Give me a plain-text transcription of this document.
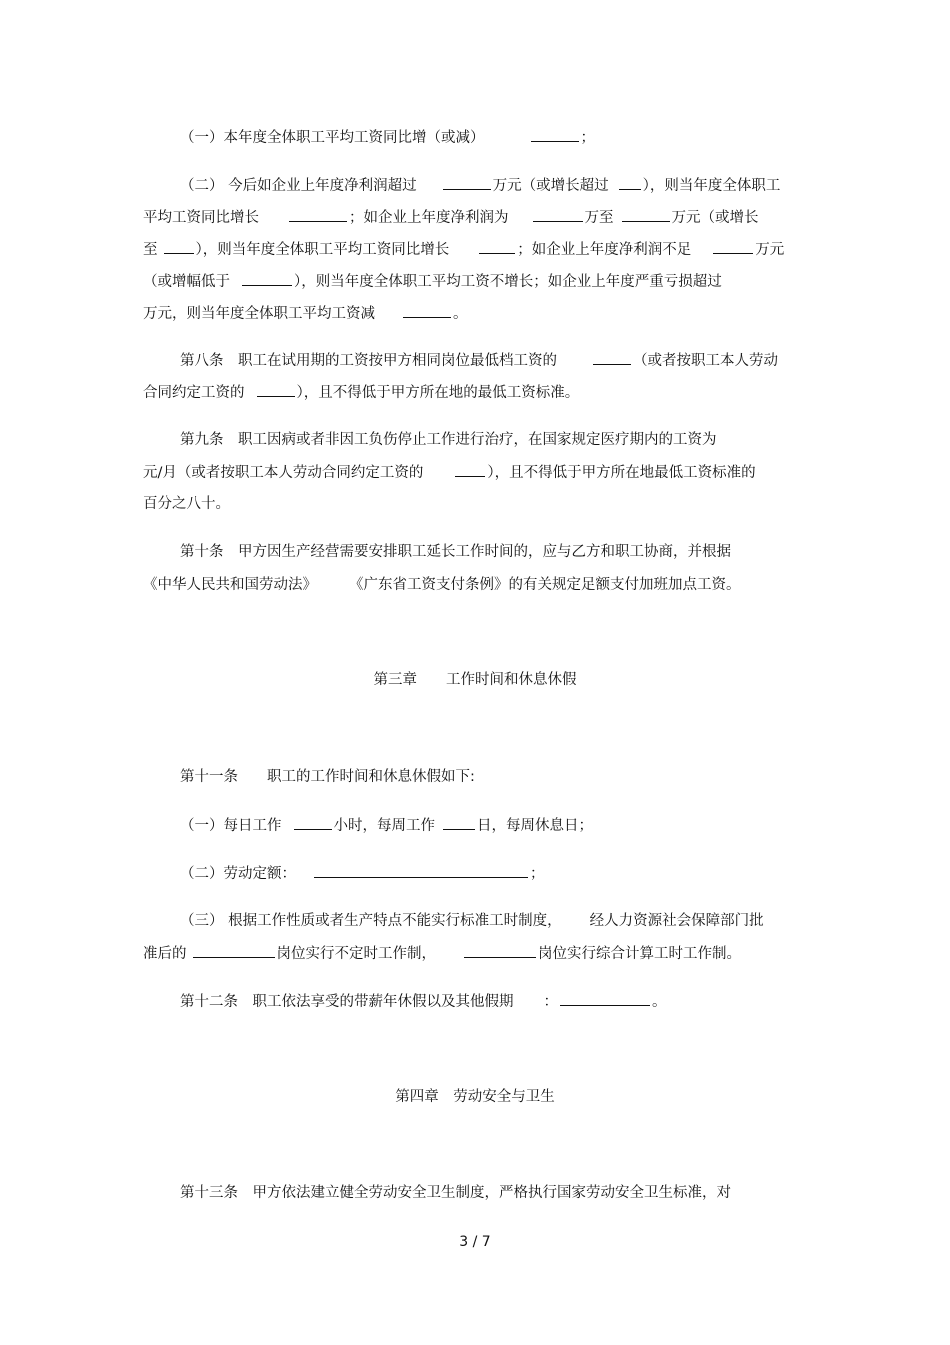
（一）本年度全体职工平均工资同比增（或减）	；
（二） 今后如企业上年度净利润超过	万元（或增长超过 ），则当年度全体职工
平均工资同比增长	；如企业上年度净利润为	万至	万元（或增长
至	），则当年度全体职工平均工资同比增长	；如企业上年度净利润不足	万元
（或增幅低于	），则当年度全体职工平均工资不增长；如企业上年度严重亏损超过
万元，则当年度全体职工平均工资减	。
第八条　职工在试用期的工资按甲方相同岗位最低档工资的	（或者按职工本人劳动
合同约定工资的	），且不得低于甲方所在地的最低工资标准。
第九条　职工因病或者非因工负伤停止工作进行治疗，在国家规定医疗期内的工资为
元/月（或者按职工本人劳动合同约定工资的	），且不得低于甲方所在地最低工资标准的
百分之八十。
第十条　甲方因生产经营需要安排职工延长工作时间的，应与乙方和职工协商，并根据
《中华人民共和国劳动法》 《广东省工资支付条例》的有关规定足额支付加班加点工资。
第三章　　工作时间和休息休假
第十一条　　职工的工作时间和休息休假如下:
（一）每日工作	小时，每周工作	日，每周休息日；
（二）劳动定额：	；
（三） 根据工作性质或者生产特点不能实行标准工时制度， 经人力资源社会保障部门批
准后的	岗位实行不定时工作制，	岗位实行综合计算工时工作制。
第十二条　职工依法享受的带薪年休假以及其他假期 ：	。
第四章　劳动安全与卫生
第十三条　甲方依法建立健全劳动安全卫生制度，严格执行国家劳动安全卫生标准，对
3 / 7
